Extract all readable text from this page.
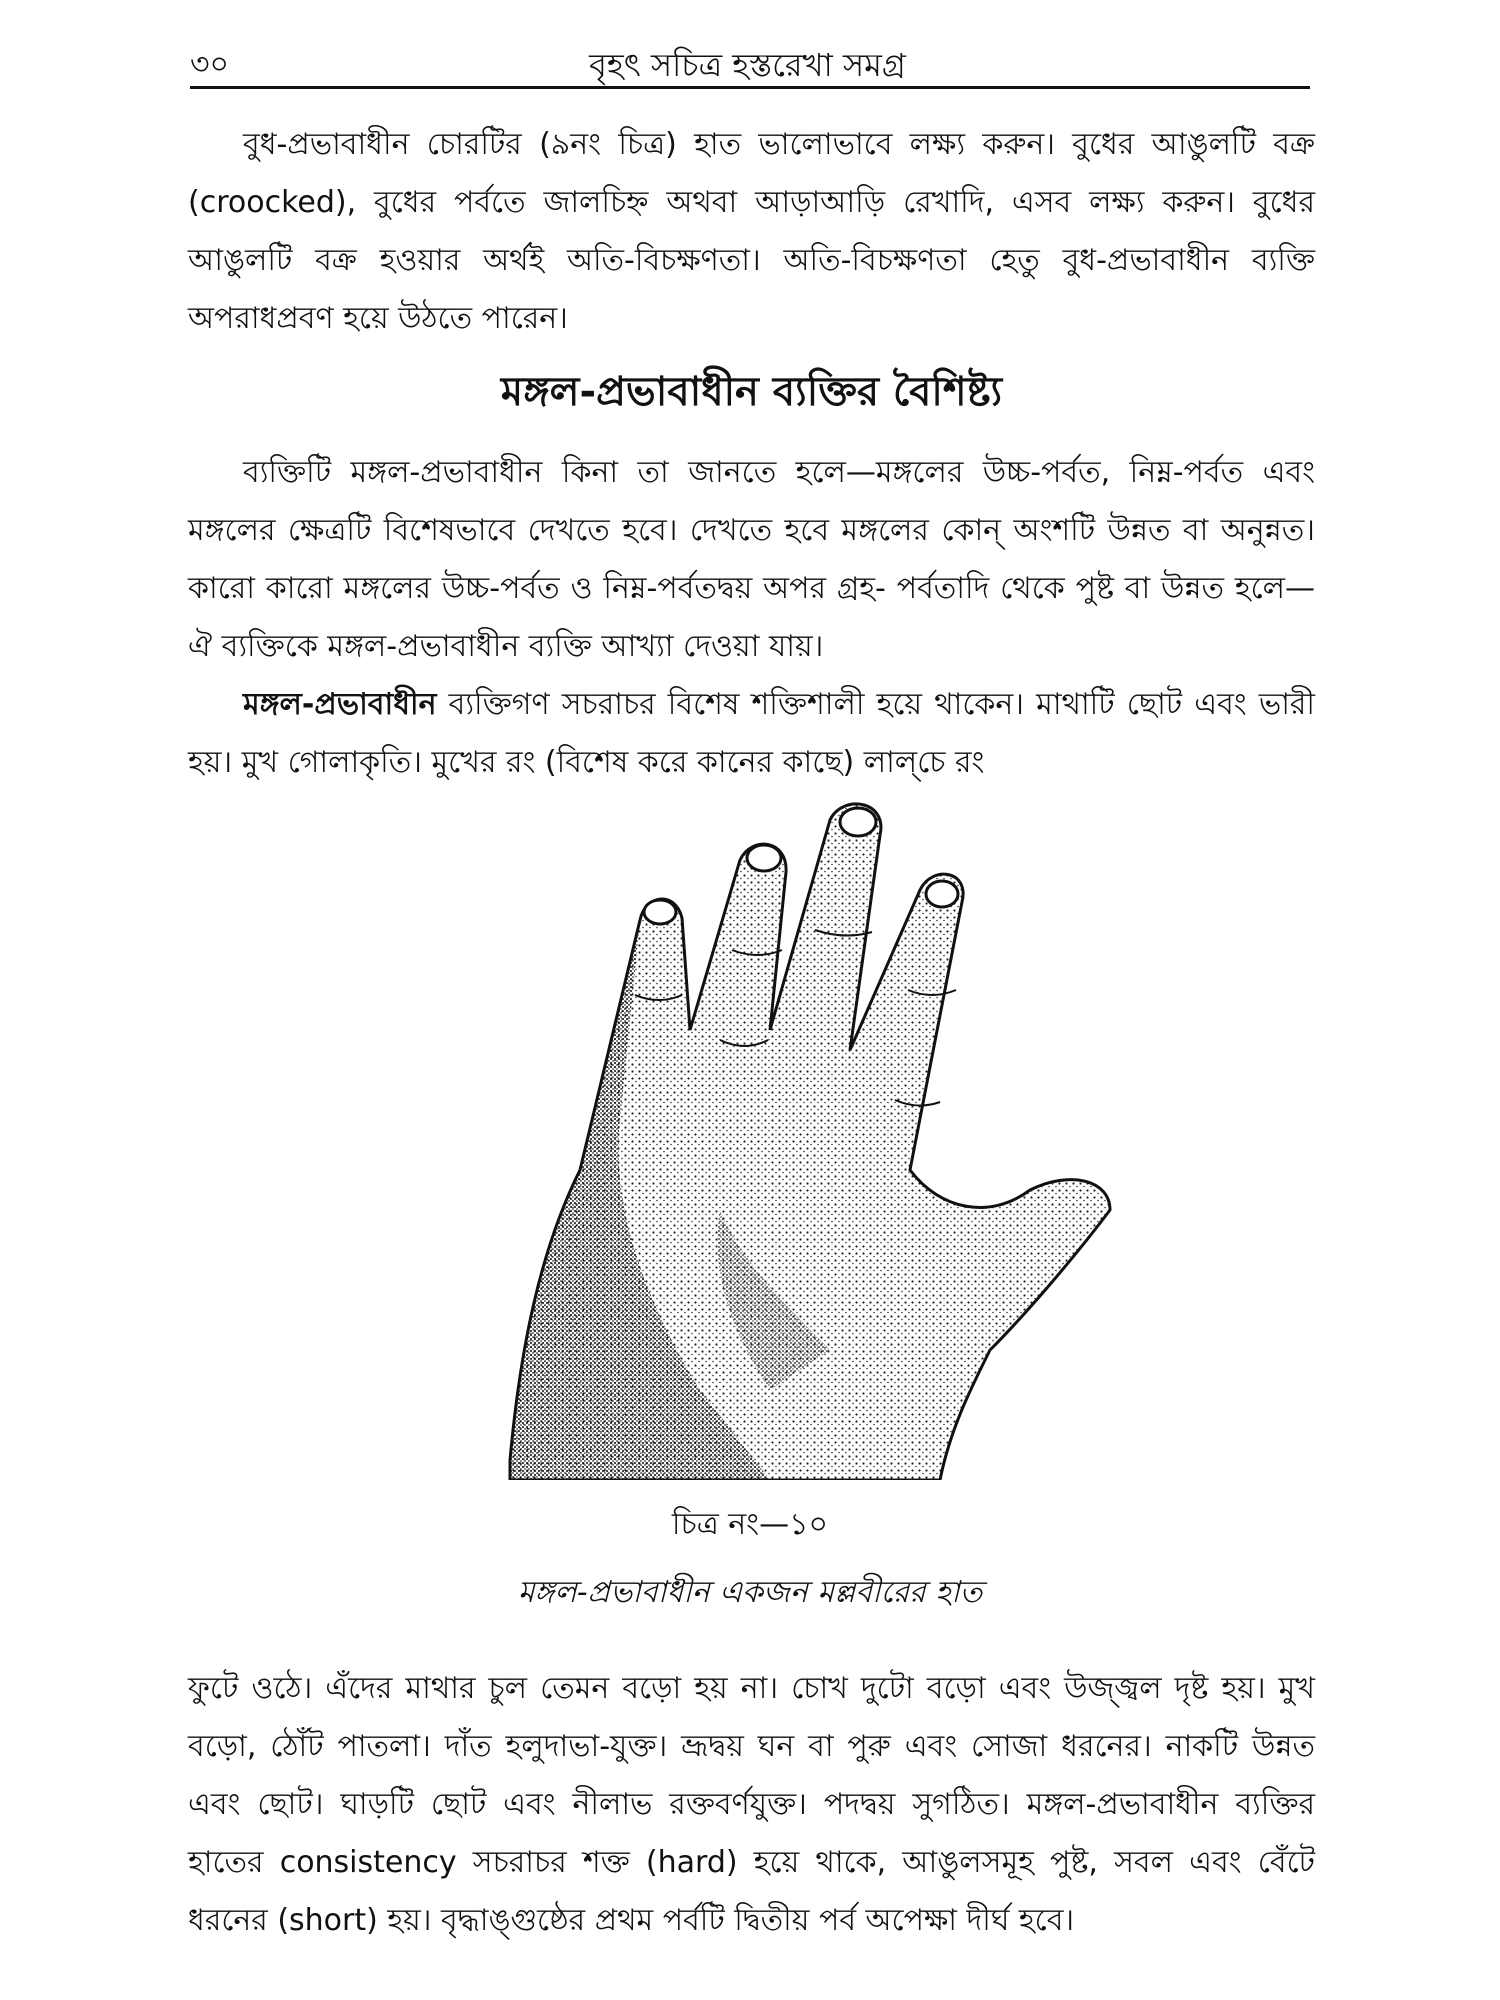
৩০	বৃহৎ সচিত্র হস্তরেখা সমগ্র

বুধ-প্রভাবাধীন চোরটির (৯নং চিত্র) হাত ভালোভাবে লক্ষ্য করুন। বুধের আঙুলটি বক্র (croocked), বুধের পর্বতে জালচিহ্ন অথবা আড়াআড়ি রেখাদি, এসব লক্ষ্য করুন। বুধের আঙুলটি বক্র হওয়ার অর্থই অতি-বিচক্ষণতা। অতি-বিচক্ষণতা হেতু বুধ-প্রভাবাধীন ব্যক্তি অপরাধপ্রবণ হয়ে উঠতে পারেন।

মঙ্গল-প্রভাবাধীন ব্যক্তির বৈশিষ্ট্য

ব্যক্তিটি মঙ্গল-প্রভাবাধীন কিনা তা জানতে হলে—মঙ্গলের উচ্চ-পর্বত, নিম্ন-পর্বত এবং মঙ্গলের ক্ষেত্রটি বিশেষভাবে দেখতে হবে। দেখতে হবে মঙ্গলের কোন্ অংশটি উন্নত বা অনুন্নত। কারো কারো মঙ্গলের উচ্চ-পর্বত ও নিম্ন-পর্বতদ্বয় অপর গ্রহ- পর্বতাদি থেকে পুষ্ট বা উন্নত হলে—ঐ ব্যক্তিকে মঙ্গল-প্রভাবাধীন ব্যক্তি আখ্যা দেওয়া যায়।

মঙ্গল-প্রভাবাধীন ব্যক্তিগণ সচরাচর বিশেষ শক্তিশালী হয়ে থাকেন। মাথাটি ছোট এবং ভারী হয়। মুখ গোলাকৃতি। মুখের রং (বিশেষ করে কানের কাছে) লাল্‌চে রং

চিত্র নং—১০
মঙ্গল-প্রভাবাধীন একজন মল্লবীরের হাত

ফুটে ওঠে। এঁদের মাথার চুল তেমন বড়ো হয় না। চোখ দুটো বড়ো এবং উজ্জ্বল দৃষ্ট হয়। মুখ বড়ো, ঠোঁট পাতলা। দাঁত হলুদাভা-যুক্ত। ভ্রূদ্বয় ঘন বা পুরু এবং সোজা ধরনের। নাকটি উন্নত এবং ছোট। ঘাড়টি ছোট এবং নীলাভ রক্তবর্ণযুক্ত। পদদ্বয় সুগঠিত। মঙ্গল-প্রভাবাধীন ব্যক্তির হাতের consistency সচরাচর শক্ত (hard) হয়ে থাকে, আঙুলসমূহ পুষ্ট, সবল এবং বেঁটে ধরনের (short) হয়। বৃদ্ধাঙ্গুষ্ঠের প্রথম পর্বটি দ্বিতীয় পর্ব অপেক্ষা দীর্ঘ হবে।
